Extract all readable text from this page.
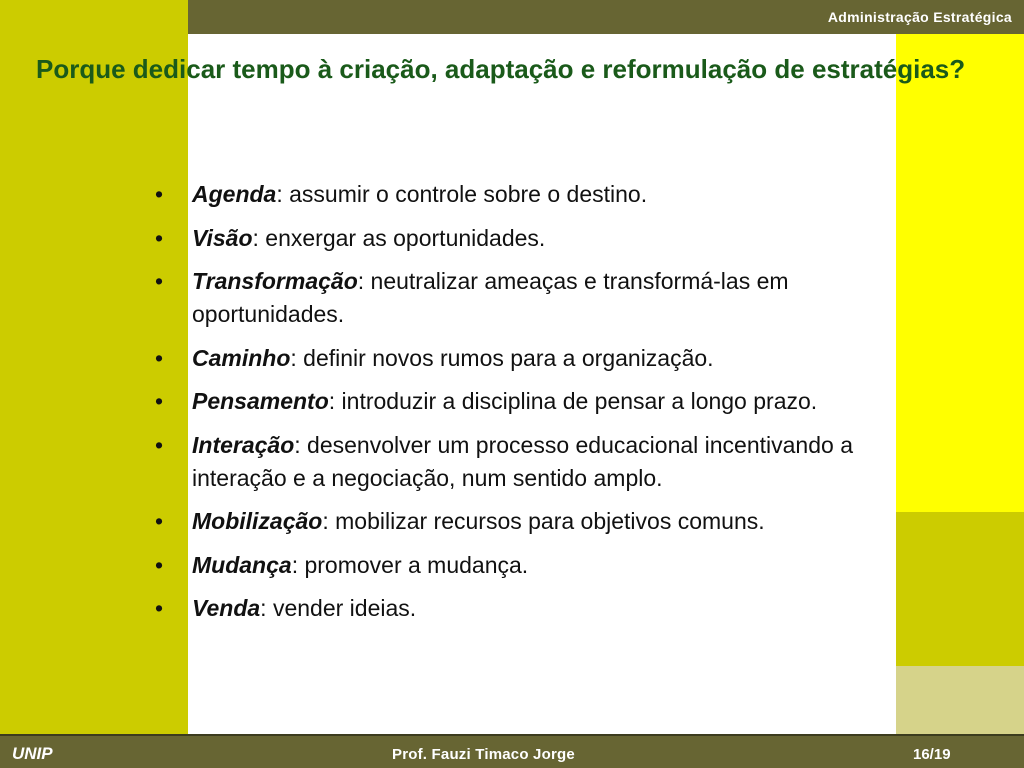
Administração Estratégica
Porque dedicar tempo à criação, adaptação e reformulação de estratégias?
• Agenda: assumir o controle sobre o destino.
• Visão: enxergar as oportunidades.
• Transformação: neutralizar ameaças e transformá-las em oportunidades.
• Caminho: definir novos rumos para a organização.
• Pensamento: introduzir a disciplina de pensar a longo prazo.
• Interação: desenvolver um processo educacional incentivando a interação e a negociação, num sentido amplo.
• Mobilização: mobilizar recursos para objetivos comuns.
• Mudança: promover a mudança.
• Venda: vender ideias.
UNIP	Prof. Fauzi Timaco Jorge	16/19
